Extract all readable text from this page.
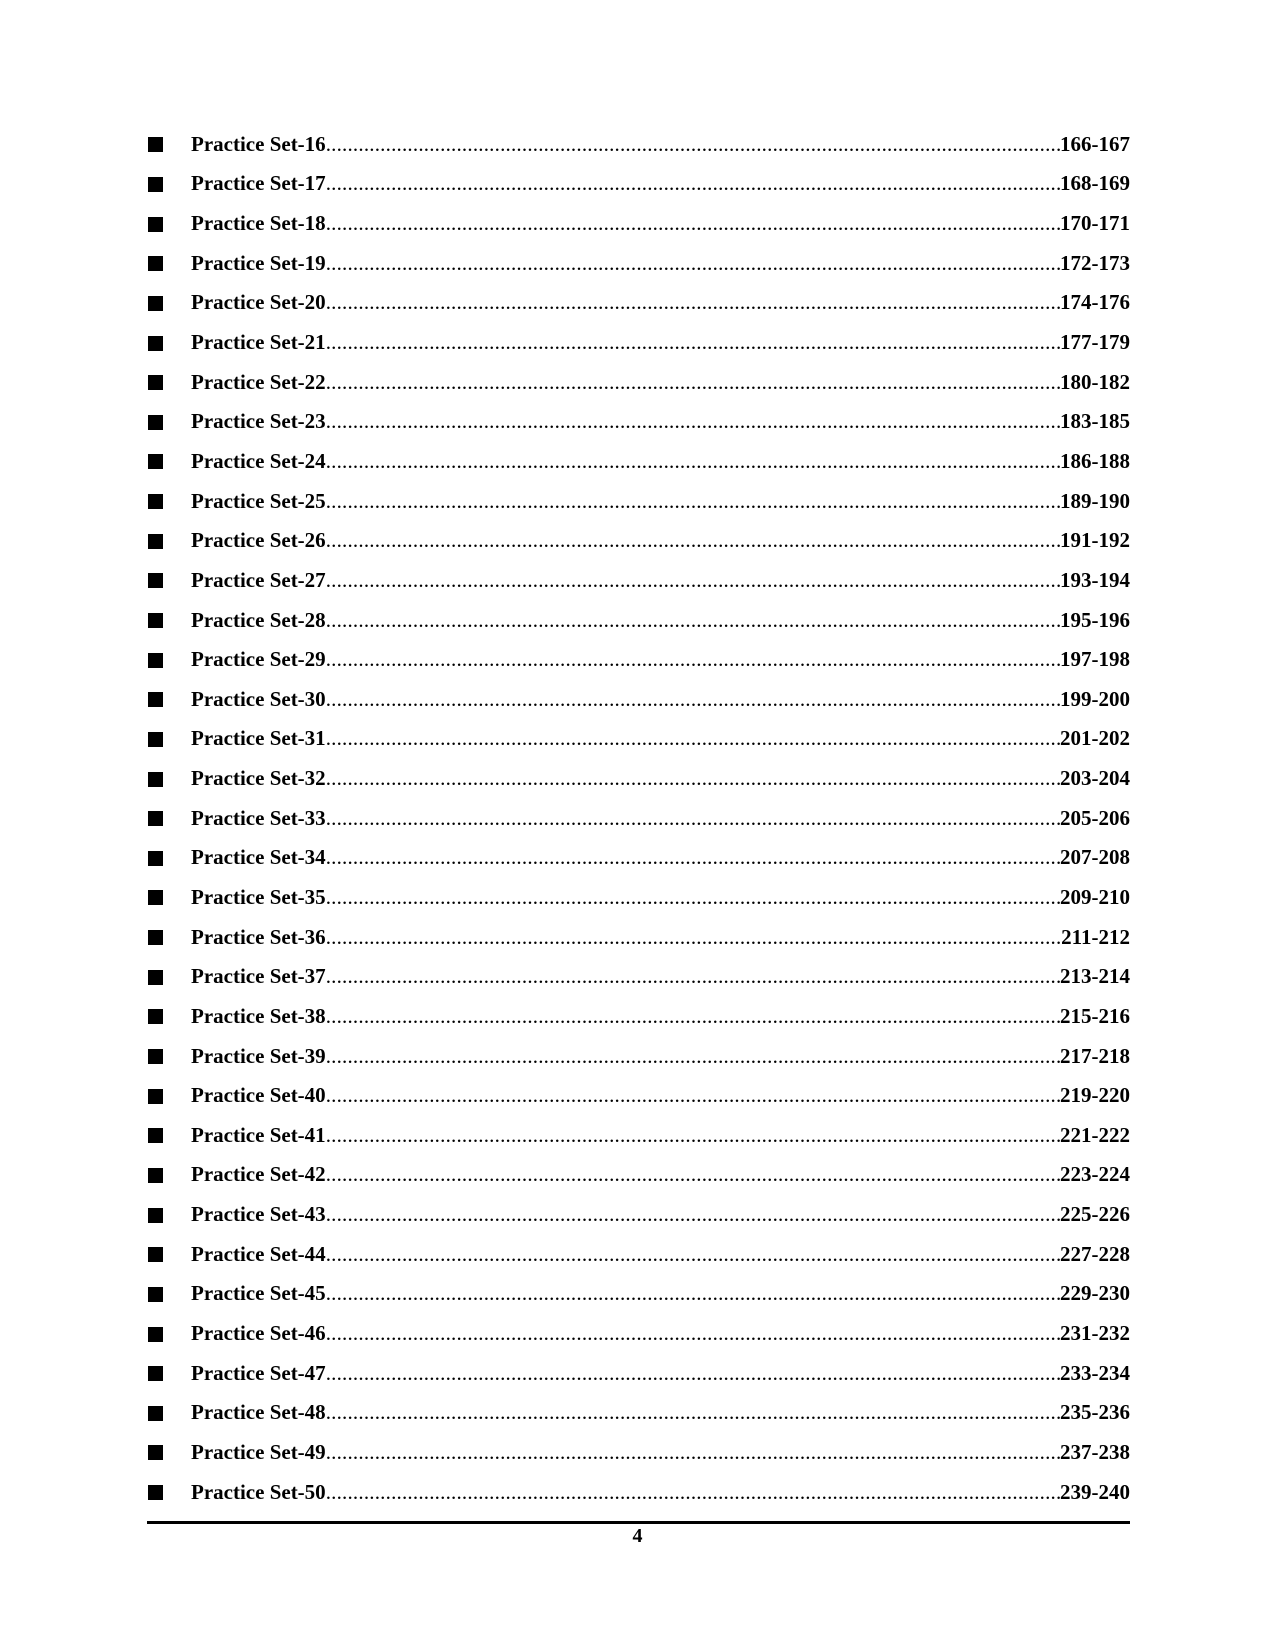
Practice Set-16 .....	166-167
Practice Set-17 .....	168-169
Practice Set-18 .....	170-171
Practice Set-19 .....	172-173
Practice Set-20 .....	174-176
Practice Set-21 .....	177-179
Practice Set-22 .....	180-182
Practice Set-23 .....	183-185
Practice Set-24 .....	186-188
Practice Set-25 .....	189-190
Practice Set-26 .....	191-192
Practice Set-27 .....	193-194
Practice Set-28 .....	195-196
Practice Set-29 .....	197-198
Practice Set-30 .....	199-200
Practice Set-31 .....	201-202
Practice Set-32 .....	203-204
Practice Set-33 .....	205-206
Practice Set-34 .....	207-208
Practice Set-35 .....	209-210
Practice Set-36 .....	211-212
Practice Set-37 .....	213-214
Practice Set-38 .....	215-216
Practice Set-39 .....	217-218
Practice Set-40 .....	219-220
Practice Set-41 .....	221-222
Practice Set-42 .....	223-224
Practice Set-43 .....	225-226
Practice Set-44 .....	227-228
Practice Set-45 .....	229-230
Practice Set-46 .....	231-232
Practice Set-47 .....	233-234
Practice Set-48 .....	235-236
Practice Set-49 .....	237-238
Practice Set-50 .....	239-240
4
